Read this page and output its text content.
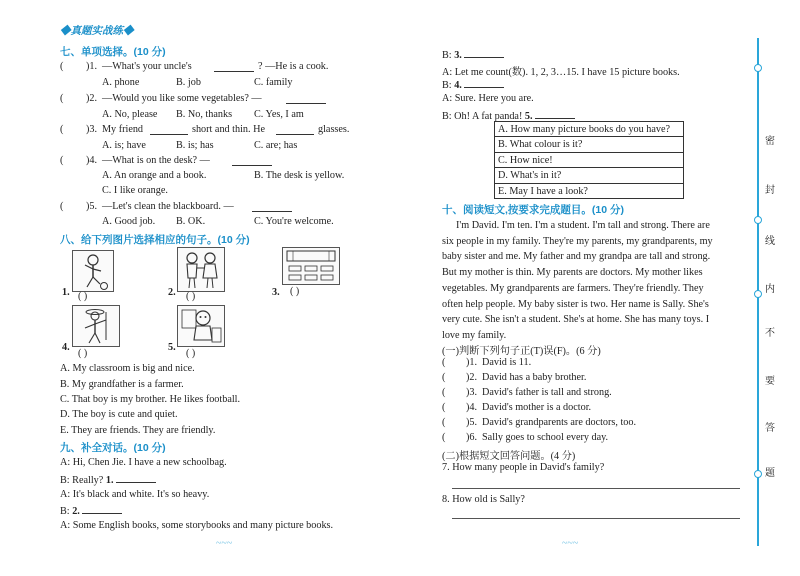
◆真题实战练◆
七、单项选择。(10 分)
( )1. —What's your uncle's	? —He is a cook.
A. phone	B. job	C. family
( )2. —Would you like some vegetables? —
A. No, please B. No, thanks C. Yes, I am
( )3. My friend	short and thin. He	glasses.
A. is; have	B. is; has	C. are; has
( )4. —What is on the desk? —
A. An orange and a book.	B. The desk is yellow.
C. I like orange.
( )5. —Let's clean the blackboard. —
A. Good job. B. OK.	C. You're welcome.
八、给下列图片选择相应的句子。(10 分)
1. ( )	2. ( )	3. ( )
4.
( )
5.
( )
A. My classroom is big and nice.
B. My grandfather is a farmer.
C. That boy is my brother. He likes football.
D. The boy is cute and quiet.
E. They are friends. They are friendly.
九、补全对话。(10 分)
A: Hi, Chen Jie. I have a new schoolbag.
B: Really? 1.
A: It's black and white. It's so heavy.
B: 2.
A: Some English books, some storybooks and many picture books.
B: 3.
A: Let me count(数). 1, 2, 3…15. I have 15 picture books.
B: 4.
A: Sure. Here you are.
B: Oh! A fat panda! 5.
A. How many picture books do you have?
B. What colour is it?
C. How nice!
D. What's in it?
E. May I have a look?
十、阅读短文,按要求完成题目。(10 分)
I'm David. I'm ten. I'm a student. I'm tall and strong. There are
six people in my family. They're my parents, my grandparents, my
baby sister and me. My father and my grandpa are tall and strong.
But my mother is thin. My parents are doctors. My mother likes
vegetables. My grandparents are farmers. They're friendly. They
often help people. My baby sister is two. Her name is Sally. She's
very cute. She isn't a student. She's at home. She has many toys. I
love my family.
(一)判断下列句子正(T)误(F)。(6 分)
( )1. David is 11.
( )2. David has a baby brother.
( )3. David's father is tall and strong.
( )4. David's mother is a doctor.
( )5. David's grandparents are doctors, too.
( )6. Sally goes to school every day.
(二)根据短文回答问题。(4 分)
7. How many people in David's family?
8. How old is Sally?
~~~	~~~
密
封
线
内
不
要
答
题
